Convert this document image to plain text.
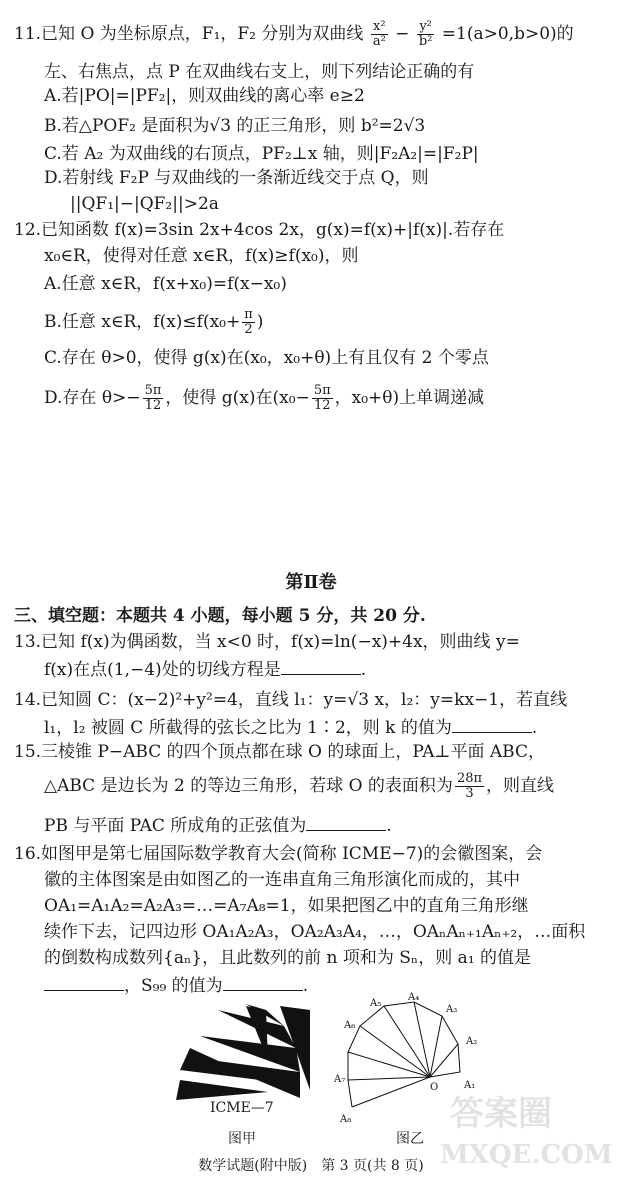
11.已知 O 为坐标原点，F₁，F₂ 分别为双曲线 $\frac{\text{x²}}{\text{a²}} - \frac{\text{y²}}{\text{b²}} =1(a>0,b>0)$的
左、右焦点，点 P 在双曲线右支上，则下列结论正确的有
A.若|PO|=|PF₂|，则双曲线的离心率 e≥2
B.若△POF₂ 是面积为√3 的正三角形，则 b²=2√3
C.若 A₂ 为双曲线的右顶点，PF₂⊥x 轴，则|F₂A₂|=|F₂P|
D.若射线 F₂P 与双曲线的一条渐近线交于点 Q，则
||QF₁|−|QF₂||>2a
12.已知函数 f(x)=3sin 2x+4cos 2x，g(x)=f(x)+|f(x)|.若存在
x₀∈R，使得对任意 x∈R，f(x)≥f(x₀)，则
A.任意 x∈R，f(x+x₀)=f(x−x₀)
B.任意 x∈R，$f(x)\le f(x_0+ \frac{\pi}{2}$ )
C.存在 θ>0，使得 g(x)在(x₀，x₀+θ)上有且仅有 2 个零点
D.存在 $\theta>- \frac{5\pi}{12}$ ，使得 g(x)在($x_0- \frac{5\pi}{12}$ ，x₀+θ)上单调递减
第Ⅱ卷
三、填空题：本题共 4 小题，每小题 5 分，共 20 分.
13.已知 f(x)为偶函数，当 x<0 时，f(x)=ln(−x)+4x，则曲线 y=
f(x)在点(1,−4)处的切线方程是	.
14.已知圆 C：(x−2)²+y²=4，直线 l₁：y=√3 x，l₂：y=kx−1，若直线
l₁，l₂ 被圆 C 所截得的弦长之比为 1∶2，则 k 的值为	.
15.三棱锥 P−ABC 的四个顶点都在球 O 的球面上，PA⊥平面 ABC，
△ABC 是边长为 2 的等边三角形，若球 O 的表面积为 $\frac{28\pi}{3}$ ，则直线
PB 与平面 PAC 所成角的正弦值为	.
16.如图甲是第七届国际数学教育大会(简称 ICME−7)的会徽图案，会
徽的主体图案是由如图乙的一连串直角三角形演化而成的，其中
OA₁=A₁A₂=A₂A₃=…=A₇A₈=1，如果把图乙中的直角三角形继
续作下去，记四边形 OA₁A₂A₃，OA₂A₃A₄，…，OAₙAₙ₊₁Aₙ₊₂，…面积
的倒数构成数列{aₙ}，且此数列的前 n 项和为 Sₙ，则 a₁ 的值是
，S₉₉ 的值为	.
ICME—7
图甲
A₁
A₂
A₃
A₄
A₅
A₆
A₇
A₈
O
图乙
答案圈
MXQE.COM
数学试题(附中版)　第 3 页(共 8 页)
